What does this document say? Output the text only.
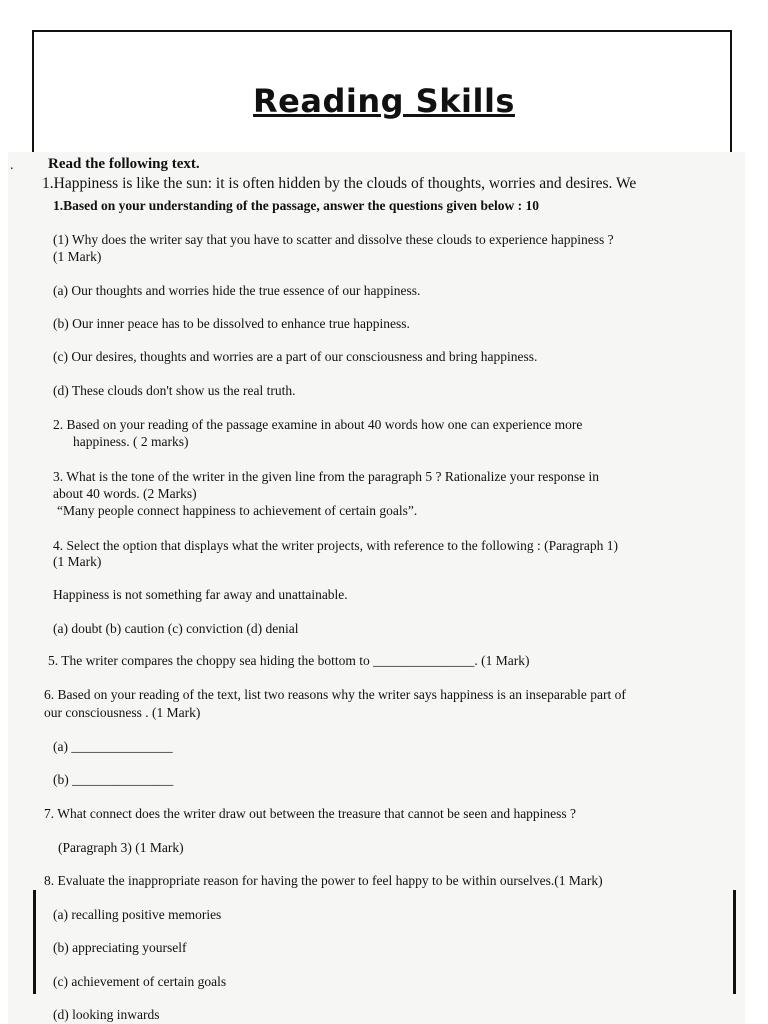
Reading Skills
. Read the following text.
1.Happiness is like the sun: it is often hidden by the clouds of thoughts, worries and desires. We
1.Based on your understanding of the passage, answer the questions given below : 10
(1) Why does the writer say that you have to scatter and dissolve these clouds to experience happiness ?
(1 Mark)
(a) Our thoughts and worries hide the true essence of our happiness.
(b) Our inner peace has to be dissolved to enhance true happiness.
(c) Our desires, thoughts and worries are a part of our consciousness and bring happiness.
(d) These clouds don't show us the real truth.
2. Based on your reading of the passage examine in about 40 words how one can experience more
happiness. ( 2 marks)
3. What is the tone of the writer in the given line from the paragraph 5 ? Rationalize your response in
about 40 words. (2 Marks)
“Many people connect happiness to achievement of certain goals”.
4. Select the option that displays what the writer projects, with reference to the following : (Paragraph 1)
(1 Mark)
Happiness is not something far away and unattainable.
(a) doubt (b) caution (c) conviction (d) denial
5. The writer compares the choppy sea hiding the bottom to _______________. (1 Mark)
6. Based on your reading of the text, list two reasons why the writer says happiness is an inseparable part of
our consciousness . (1 Mark)
(a) _______________
(b) _______________
7. What connect does the writer draw out between the treasure that cannot be seen and happiness ?
(Paragraph 3) (1 Mark)
8. Evaluate the inappropriate reason for having the power to feel happy to be within ourselves.(1 Mark)
(a) recalling positive memories
(b) appreciating yourself
(c) achievement of certain goals
(d) looking inwards
